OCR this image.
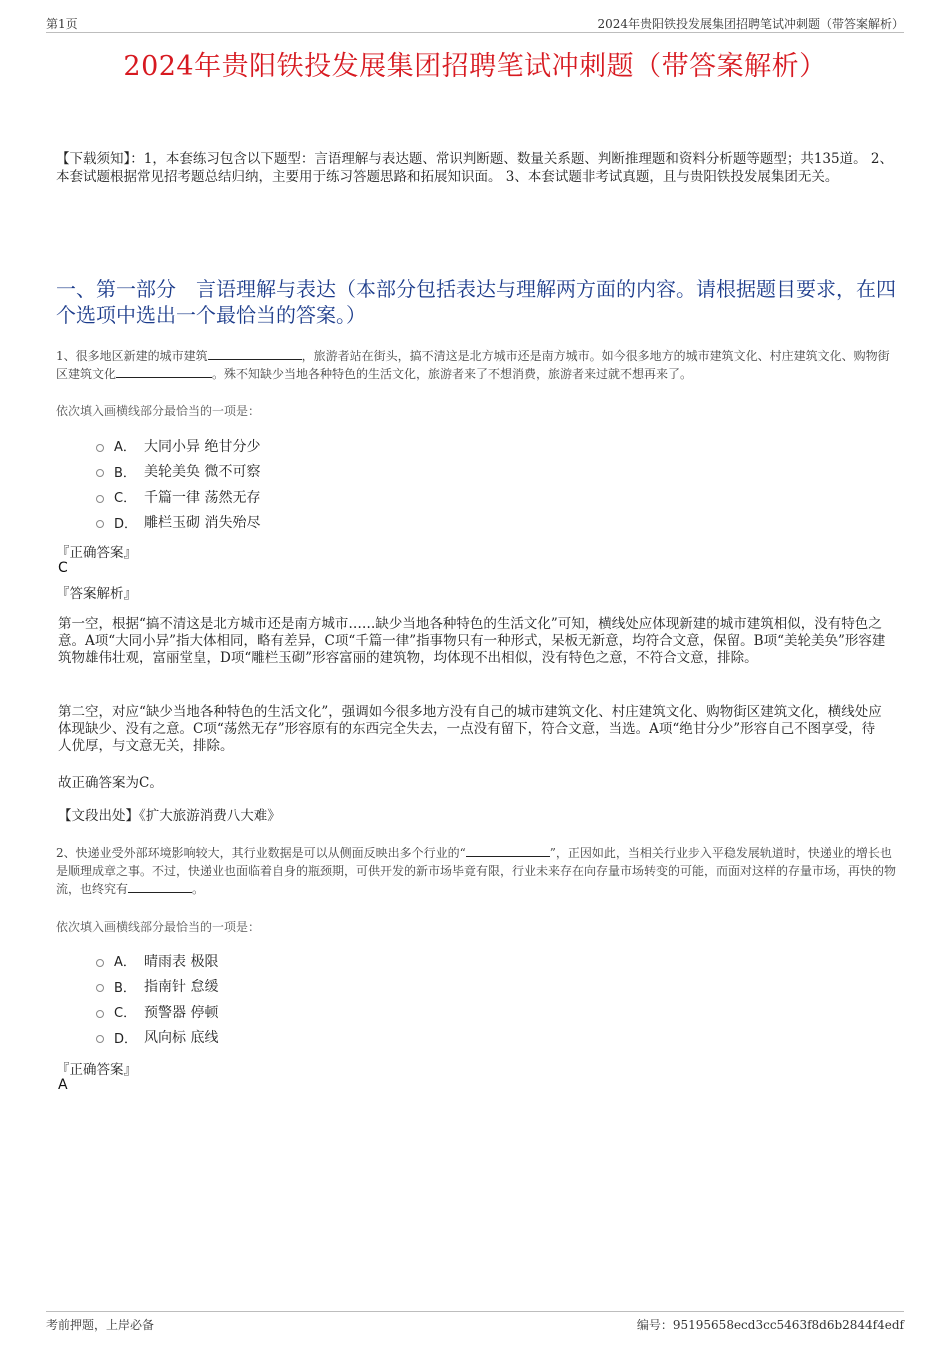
第1页	2024年贵阳铁投发展集团招聘笔试冲刺题（带答案解析）
2024年贵阳铁投发展集团招聘笔试冲刺题（带答案解析）
【下载须知】：1，本套练习包含以下题型：言语理解与表达题、常识判断题、数量关系题、判断推理题和资料分析题等题型；共135道。 2、本套试题根据常见招考题总结归纳，主要用于练习答题思路和拓展知识面。 3、本套试题非考试真题，且与贵阳铁投发展集团无关。
一、第一部分　言语理解与表达（本部分包括表达与理解两方面的内容。请根据题目要求，在四个选项中选出一个最恰当的答案。）
1、很多地区新建的城市建筑	，旅游者站在街头，搞不清这是北方城市还是南方城市。如今很多地方的城市建筑文化、村庄建筑文化、购物街区建筑文化	。殊不知缺少当地各种特色的生活文化，旅游者来了不想消费，旅游者来过就不想再来了。
依次填入画横线部分最恰当的一项是：
A． 大同小异 绝甘分少
B． 美轮美奂 微不可察
C． 千篇一律 荡然无存
D． 雕栏玉砌 消失殆尽
『正确答案』
C
『答案解析』
第一空，根据“搞不清这是北方城市还是南方城市……缺少当地各种特色的生活文化”可知，横线处应体现新建的城市建筑相似，没有特色之意。A项“大同小异”指大体相同，略有差异，C项“千篇一律”指事物只有一种形式，呆板无新意，均符合文意，保留。B项“美轮美奂”形容建筑物雄伟壮观，富丽堂皇，D项“雕栏玉砌”形容富丽的建筑物，均体现不出相似，没有特色之意，不符合文意，排除。
第二空，对应“缺少当地各种特色的生活文化”，强调如今很多地方没有自己的城市建筑文化、村庄建筑文化、购物街区建筑文化，横线处应体现缺少、没有之意。C项“荡然无存”形容原有的东西完全失去，一点没有留下，符合文意，当选。A项“绝甘分少”形容自己不图享受，待人优厚，与文意无关，排除。
故正确答案为C。
【文段出处】《扩大旅游消费八大难》
2、快递业受外部环境影响较大，其行业数据是可以从侧面反映出多个行业的“	”，正因如此，当相关行业步入平稳发展轨道时，快递业的增长也是顺理成章之事。不过，快递业也面临着自身的瓶颈期，可供开发的新市场毕竟有限，行业未来存在向存量市场转变的可能，而面对这样的存量市场，再快的物流，也终究有	。
依次填入画横线部分最恰当的一项是：
A． 晴雨表 极限
B． 指南针 怠缓
C． 预警器 停顿
D． 风向标 底线
『正确答案』
A
考前押题，上岸必备	编号：95195658ecd3cc5463f8d6b2844f4edf
